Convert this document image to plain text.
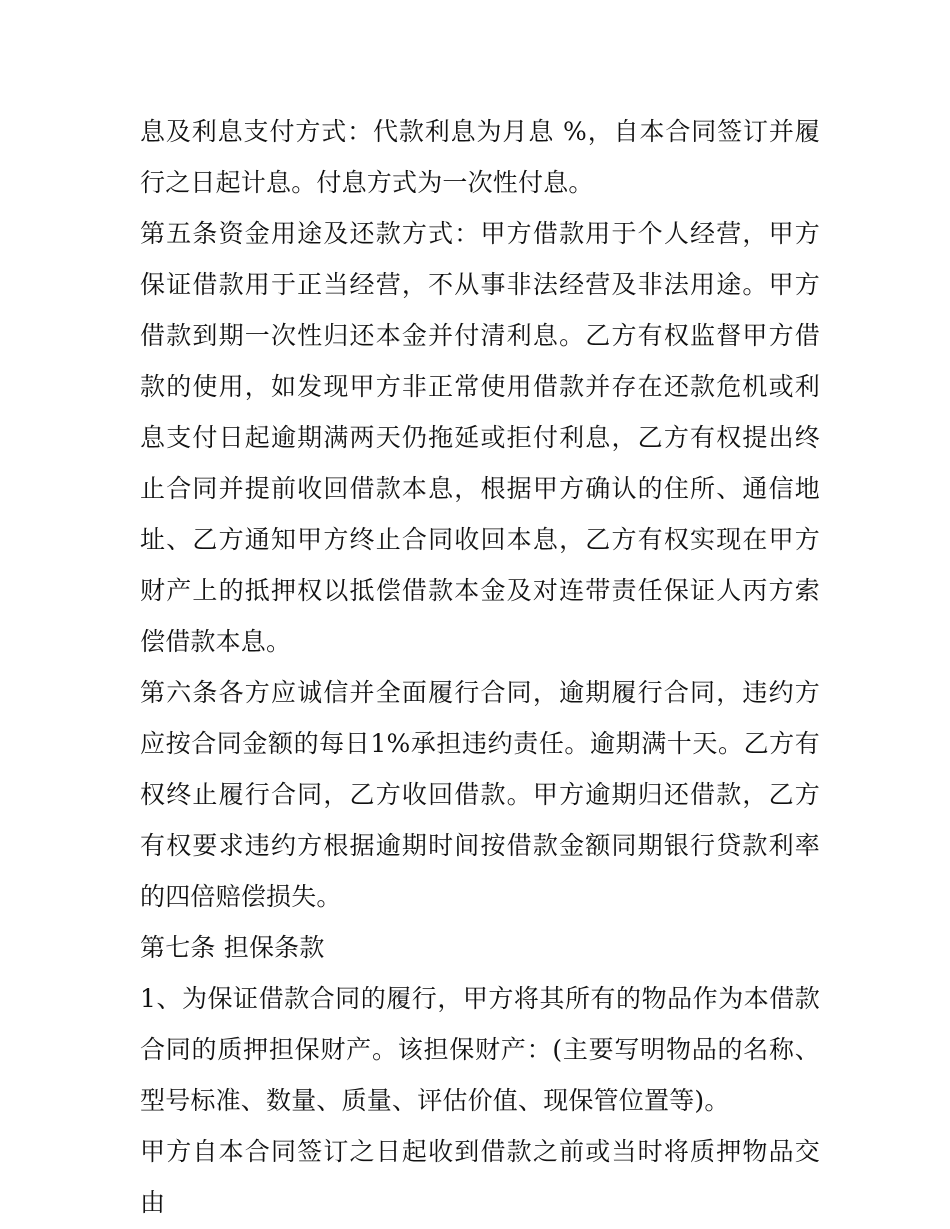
息及利息支付方式：代款利息为月息 %，自本合同签订并履行之日起计息。付息方式为一次性付息。

第五条资金用途及还款方式：甲方借款用于个人经营，甲方保证借款用于正当经营，不从事非法经营及非法用途。甲方借款到期一次性归还本金并付清利息。乙方有权监督甲方借款的使用，如发现甲方非正常使用借款并存在还款危机或利息支付日起逾期满两天仍拖延或拒付利息，乙方有权提出终止合同并提前收回借款本息，根据甲方确认的住所、通信地址、乙方通知甲方终止合同收回本息，乙方有权实现在甲方财产上的抵押权以抵偿借款本金及对连带责任保证人丙方索偿借款本息。

第六条各方应诚信并全面履行合同，逾期履行合同，违约方应按合同金额的每日1%承担违约责任。逾期满十天。乙方有权终止履行合同，乙方收回借款。甲方逾期归还借款，乙方有权要求违约方根据逾期时间按借款金额同期银行贷款利率的四倍赔偿损失。

第七条 担保条款

1、为保证借款合同的履行，甲方将其所有的物品作为本借款合同的质押担保财产。该担保财产：(主要写明物品的名称、型号标准、数量、质量、评估价值、现保管位置等)。

甲方自本合同签订之日起收到借款之前或当时将质押物品交由
